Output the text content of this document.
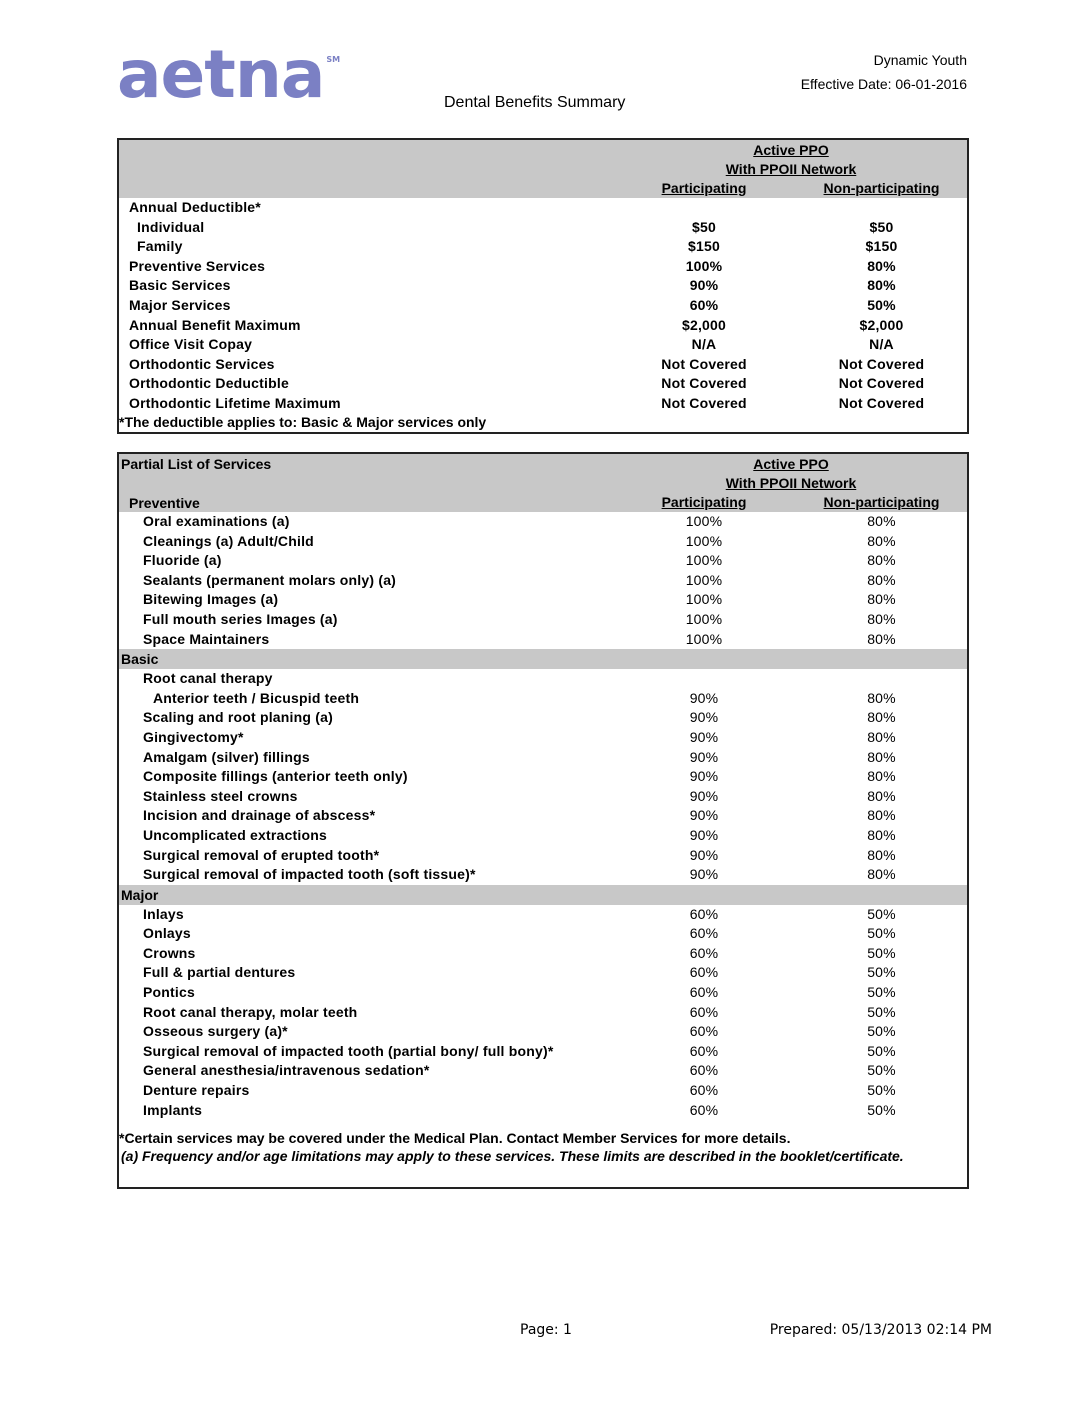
aetna ℠	Dynamic Youth
Effective Date: 06-01-2016
Dental Benefits Summary
Active PPO
With PPOII Network
Participating	Non-participating
Annual Deductible*
Individual	$50	$50
Family	$150	$150
Preventive Services	100%	80%
Basic Services	90%	80%
Major Services	60%	50%
Annual Benefit Maximum	$2,000	$2,000
Office Visit Copay	N/A	N/A
Orthodontic Services	Not Covered	Not Covered
Orthodontic Deductible	Not Covered	Not Covered
Orthodontic Lifetime Maximum	Not Covered	Not Covered
*The deductible applies to: Basic & Major services only
Partial List of Services	Active PPO
With PPOII Network
Preventive	Participating	Non-participating
Oral examinations (a)	100%	80%
Cleanings (a) Adult/Child	100%	80%
Fluoride (a)	100%	80%
Sealants (permanent molars only) (a)	100%	80%
Bitewing Images (a)	100%	80%
Full mouth series Images (a)	100%	80%
Space Maintainers	100%	80%
Basic
Root canal therapy
Anterior teeth / Bicuspid teeth	90%	80%
Scaling and root planing (a)	90%	80%
Gingivectomy*	90%	80%
Amalgam (silver) fillings	90%	80%
Composite fillings (anterior teeth only)	90%	80%
Stainless steel crowns	90%	80%
Incision and drainage of abscess*	90%	80%
Uncomplicated extractions	90%	80%
Surgical removal of erupted tooth*	90%	80%
Surgical removal of impacted tooth (soft tissue)*	90%	80%
Major
Inlays	60%	50%
Onlays	60%	50%
Crowns	60%	50%
Full & partial dentures	60%	50%
Pontics	60%	50%
Root canal therapy, molar teeth	60%	50%
Osseous surgery (a)*	60%	50%
Surgical removal of impacted tooth (partial bony/ full bony)*	60%	50%
General anesthesia/intravenous sedation*	60%	50%
Denture repairs	60%	50%
Implants	60%	50%
*Certain services may be covered under the Medical Plan. Contact Member Services for more details.
(a) Frequency and/or age limitations may apply to these services. These limits are described in the booklet/certificate.
Page: 1	Prepared: 05/13/2013 02:14 PM
